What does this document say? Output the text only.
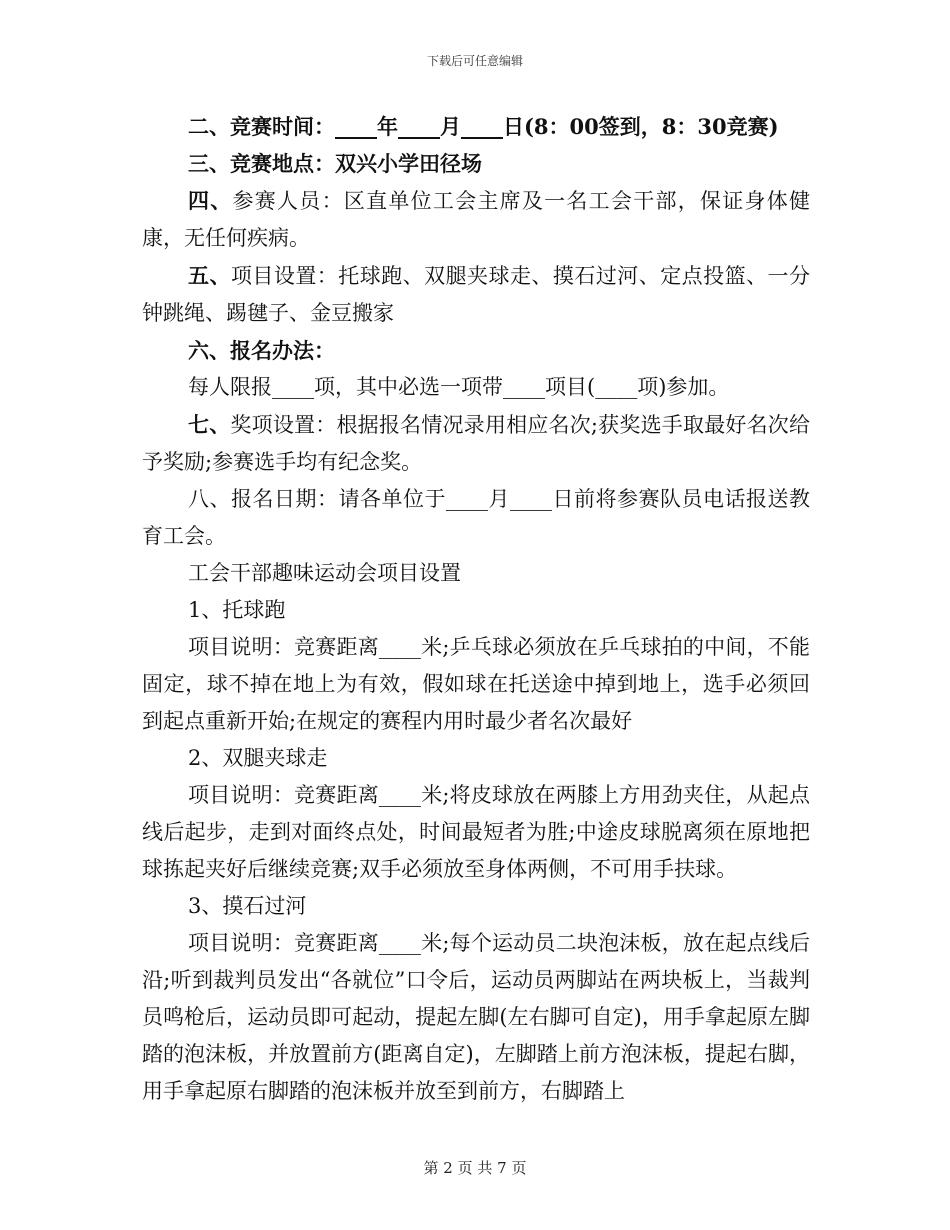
下载后可任意编辑

二、竞赛时间：____年____月____日(8：00签到，8：30竞赛)

三、竞赛地点：双兴小学田径场

四、参赛人员：区直单位工会主席及一名工会干部，保证身体健康，无任何疾病。

五、项目设置：托球跑、双腿夹球走、摸石过河、定点投篮、一分钟跳绳、踢毽子、金豆搬家

六、报名办法：

每人限报____项，其中必选一项带____项目(____项)参加。

七、奖项设置：根据报名情况录用相应名次;获奖选手取最好名次给予奖励;参赛选手均有纪念奖。

八、报名日期：请各单位于____月____日前将参赛队员电话报送教育工会。

工会干部趣味运动会项目设置

1、托球跑

项目说明：竞赛距离____米;乒乓球必须放在乒乓球拍的中间，不能固定，球不掉在地上为有效，假如球在托送途中掉到地上，选手必须回到起点重新开始;在规定的赛程内用时最少者名次最好

2、双腿夹球走

项目说明：竞赛距离____米;将皮球放在两膝上方用劲夹住，从起点线后起步，走到对面终点处，时间最短者为胜;中途皮球脱离须在原地把球拣起夹好后继续竞赛;双手必须放至身体两侧，不可用手扶球。

3、摸石过河

项目说明：竞赛距离____米;每个运动员二块泡沫板，放在起点线后沿;听到裁判员发出“各就位”口令后，运动员两脚站在两块板上，当裁判员鸣枪后，运动员即可起动，提起左脚(左右脚可自定)，用手拿起原左脚踏的泡沫板，并放置前方(距离自定)，左脚踏上前方泡沫板，提起右脚，用手拿起原右脚踏的泡沫板并放至到前方，右脚踏上

第 2 页 共 7 页
